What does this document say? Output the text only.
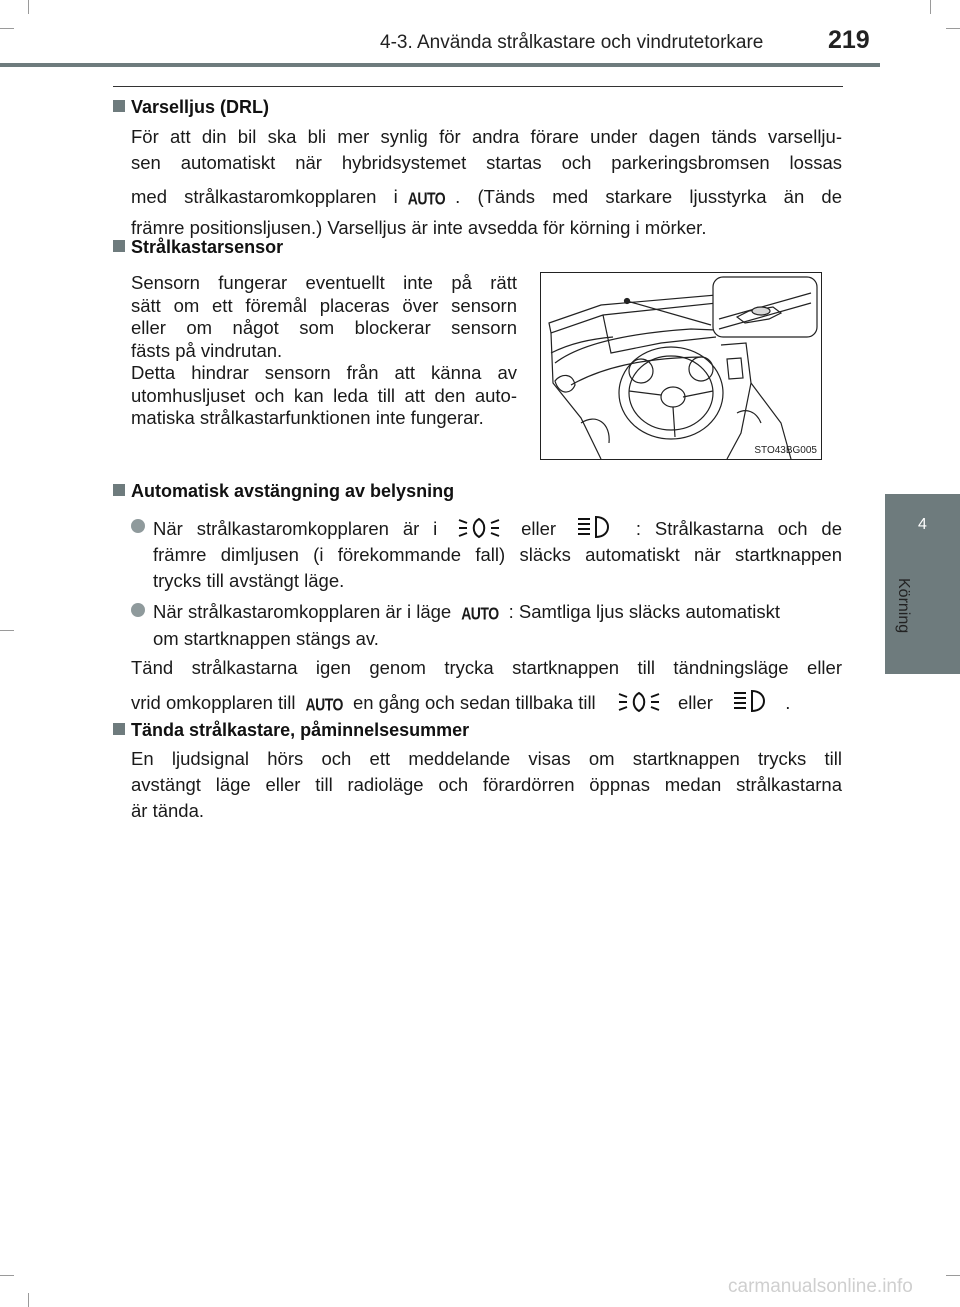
4-3. Använda strålkastare och vindrutetorkare	219
4
Körning
Varselljus (DRL)
För att din bil ska bli mer synlig för andra förare under dagen tänds varsellju-
sen automatiskt när hybridsystemet startas och parkeringsbromsen lossas
med strålkastaromkopplaren i AUTO . (Tänds med starkare ljusstyrka än de
främre positionsljusen.) Varselljus är inte avsedda för körning i mörker.
Strålkastarsensor
Sensorn fungerar eventuellt inte på rätt
sätt om ett föremål placeras över sensorn
eller om något som blockerar sensorn
fästs på vindrutan.
Detta hindrar sensorn från att känna av
utomhusljuset och kan leda till att den auto-
matiska strålkastarfunktionen inte fungerar.
STO43BG005
Automatisk avstängning av belysning
När strålkastaromkopplaren är i	eller	: Strålkastarna och de
främre dimljusen (i förekommande fall) släcks automatiskt när startknappen
trycks till avstängt läge.
När strålkastaromkopplaren är i läge AUTO : Samtliga ljus släcks automatiskt
om startknappen stängs av.
Tänd strålkastarna igen genom trycka startknappen till tändningsläge eller
vrid omkopplaren till AUTO en gång och sedan tillbaka till	eller	.
Tända strålkastare, påminnelsesummer
En ljudsignal hörs och ett meddelande visas om startknappen trycks till
avstängt läge eller till radioläge och förardörren öppnas medan strålkastarna
är tända.
carmanualsonline.info
